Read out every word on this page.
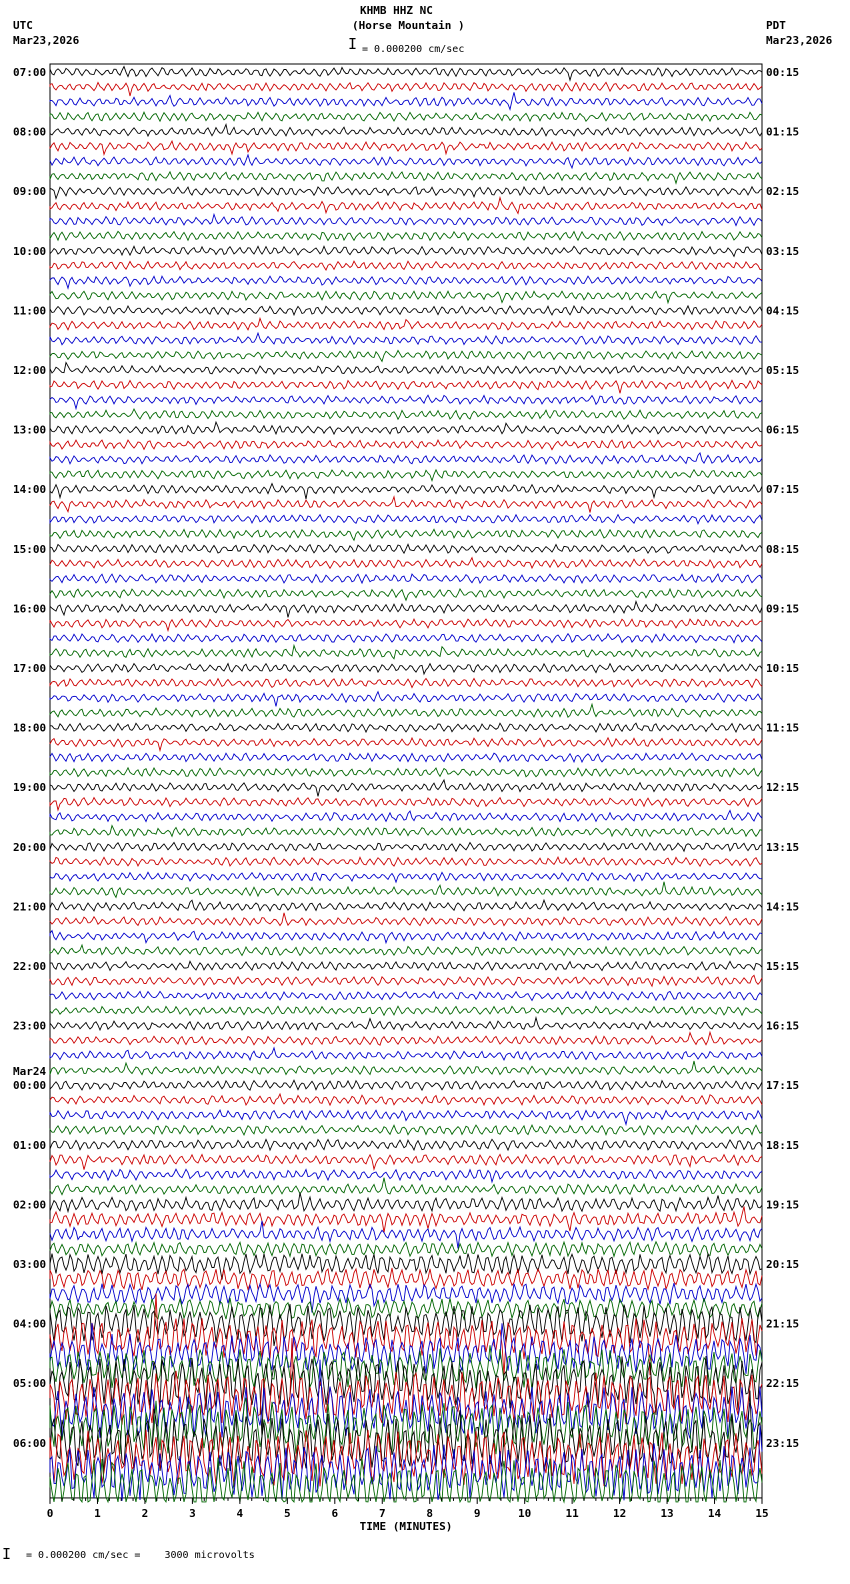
KHMB HHZ NC
(Horse Mountain )
I = 0.000200 cm/sec
UTC
Mar23,2026
PDT
Mar23,2026
07:00
08:00
09:00
10:00
11:00
12:00
13:00
14:00
15:00
16:00
17:00
18:00
19:00
20:00
21:00
22:00
23:00
00:00
01:00
02:00
03:00
04:00
05:00
06:00
00:15
01:15
02:15
03:15
04:15
05:15
06:15
07:15
08:15
09:15
10:15
11:15
12:15
13:15
14:15
15:15
16:15
17:15
18:15
19:15
20:15
21:15
22:15
23:15
Mar24
0	1	2	3	4	5	6	7	8	9	10	11	12	13	14	15
TIME (MINUTES)
I = 0.000200 cm/sec =    3000 microvolts
